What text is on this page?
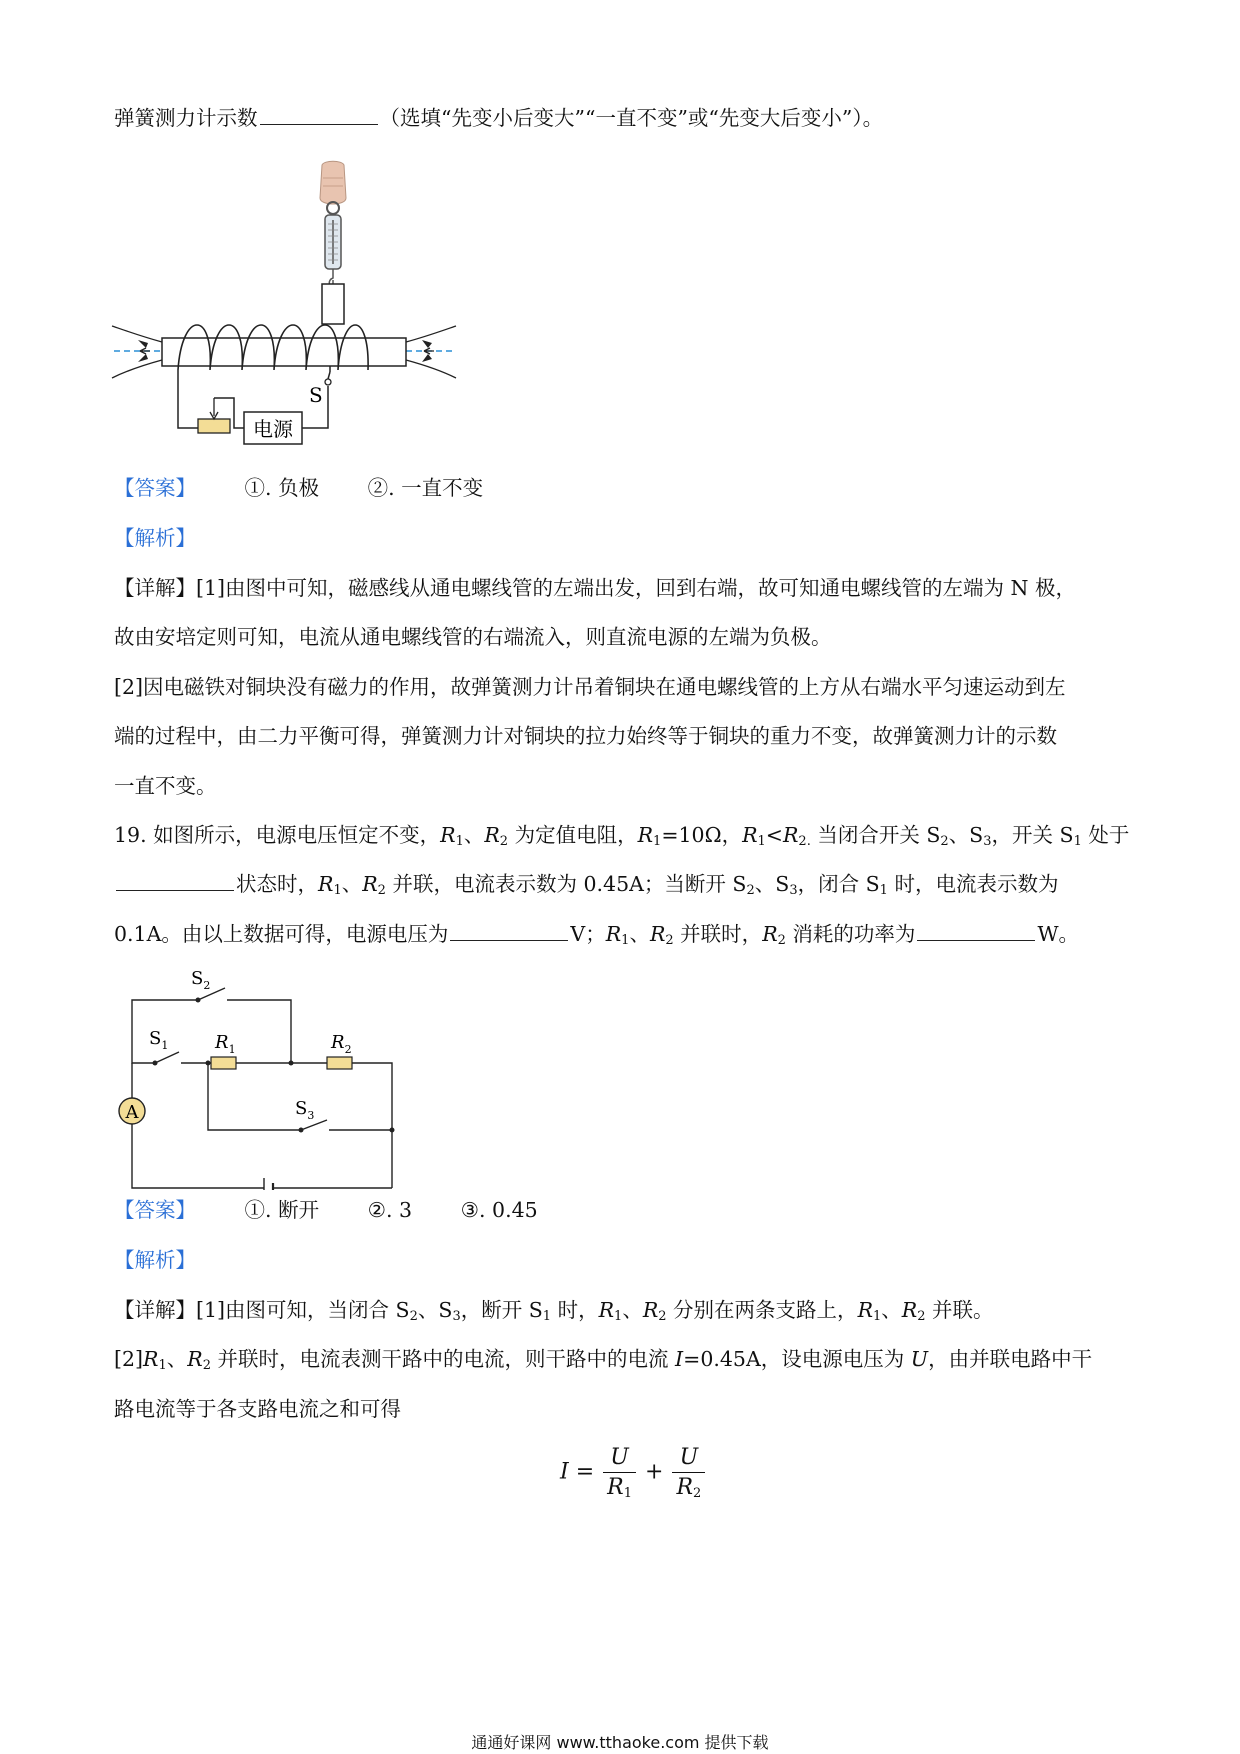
弹簧测力计示数	（选填“先变小后变大”“一直不变”或“先变大后变小”）。
电源
S
【答案】 ①. 负极 ②. 一直不变
【解析】
【详解】[1]由图中可知，磁感线从通电螺线管的左端出发，回到右端，故可知通电螺线管的左端为 N 极，
故由安培定则可知，电流从通电螺线管的右端流入，则直流电源的左端为负极。
[2]因电磁铁对铜块没有磁力的作用，故弹簧测力计吊着铜块在通电螺线管的上方从右端水平匀速运动到左
端的过程中，由二力平衡可得，弹簧测力计对铜块的拉力始终等于铜块的重力不变，故弹簧测力计的示数
一直不变。
19. 如图所示，电源电压恒定不变，$R_1$、$R_2$ 为定值电阻，$R_1=10\Omega$，$R_1<R_{2.}$ 当闭合开关 $S_2$、$S_3$，开关 $S_1$ 处于
状态时，$R_1$、$R_2$ 并联，电流表示数为 0.45A；当断开 $S_2$、$S_3$，闭合 $S_1$ 时，电流表示数为
0.1A。由以上数据可得，电源电压为	V；$R_1$、$R_2$ 并联时，$R_2$ 消耗的功率为	W。
A
$S_2$
$S_1$	$R_1$	$R_2$
$S_3$
【答案】 ①. 断开 ②. 3 ③. 0.45
【解析】
【详解】[1]由图可知，当闭合 $S_2$、$S_3$，断开 $S_1$ 时，$R_1$、$R_2$ 分别在两条支路上，$R_1$、$R_2$ 并联。
$[2]R_1$、$R_2$ 并联时，电流表测干路中的电流，则干路中的电流 I=0.45A，设电源电压为 U，由并联电路中干
路电流等于各支路电流之和可得
$I = \frac{U}{R_1} + \frac{U}{R_2}$
通通好课网 www.tthaoke.com 提供下载
